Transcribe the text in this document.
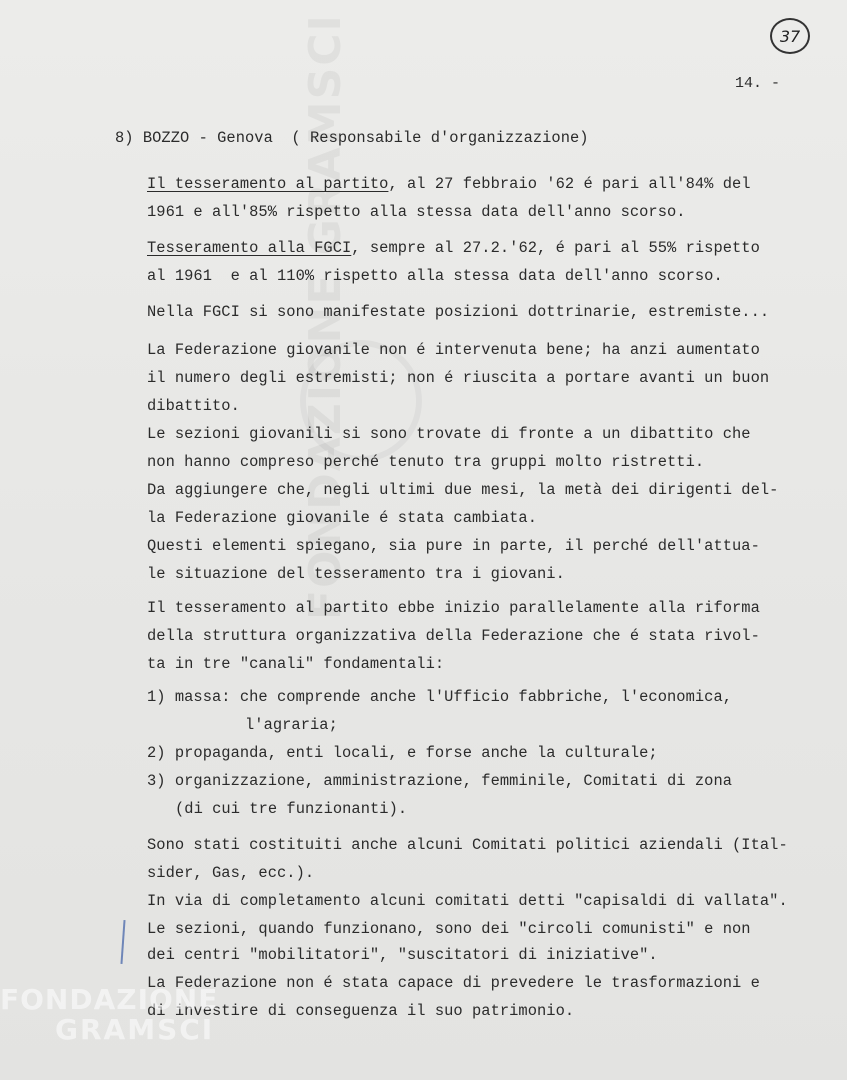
FONDAZIONE GRAMSCI	37
14. -
8) BOZZO - Genova  ( Responsabile d'organizzazione)
Il tesseramento al partito, al 27 febbraio '62 é pari all'84% del
1961 e all'85% rispetto alla stessa data dell'anno scorso.
Tesseramento alla FGCI, sempre al 27.2.'62, é pari al 55% rispetto
al 1961  e al 110% rispetto alla stessa data dell'anno scorso.
Nella FGCI si sono manifestate posizioni dottrinarie, estremiste...
La Federazione giovanile non é intervenuta bene; ha anzi aumentato
il numero degli estremisti; non é riuscita a portare avanti un buon
dibattito.
Le sezioni giovanili si sono trovate di fronte a un dibattito che
non hanno compreso perché tenuto tra gruppi molto ristretti.
Da aggiungere che, negli ultimi due mesi, la metà dei dirigenti del-
la Federazione giovanile é stata cambiata.
Questi elementi spiegano, sia pure in parte, il perché dell'attua-
le situazione del tesseramento tra i giovani.
Il tesseramento al partito ebbe inizio parallelamente alla riforma
della struttura organizzativa della Federazione che é stata rivol-
ta in tre "canali" fondamentali:
1) massa: che comprende anche l'Ufficio fabbriche, l'economica,
l'agraria;
2) propaganda, enti locali, e forse anche la culturale;
3) organizzazione, amministrazione, femminile, Comitati di zona
(di cui tre funzionanti).
Sono stati costituiti anche alcuni Comitati politici aziendali (Ital-
sider, Gas, ecc.).
In via di completamento alcuni comitati detti "capisaldi di vallata".
Le sezioni, quando funzionano, sono dei "circoli comunisti" e non
dei centri "mobilitatori", "suscitatori di iniziative".
La Federazione non é stata capace di prevedere le trasformazioni e
di investire di conseguenza il suo patrimonio.
FONDAZIONE
GRAMSCI
